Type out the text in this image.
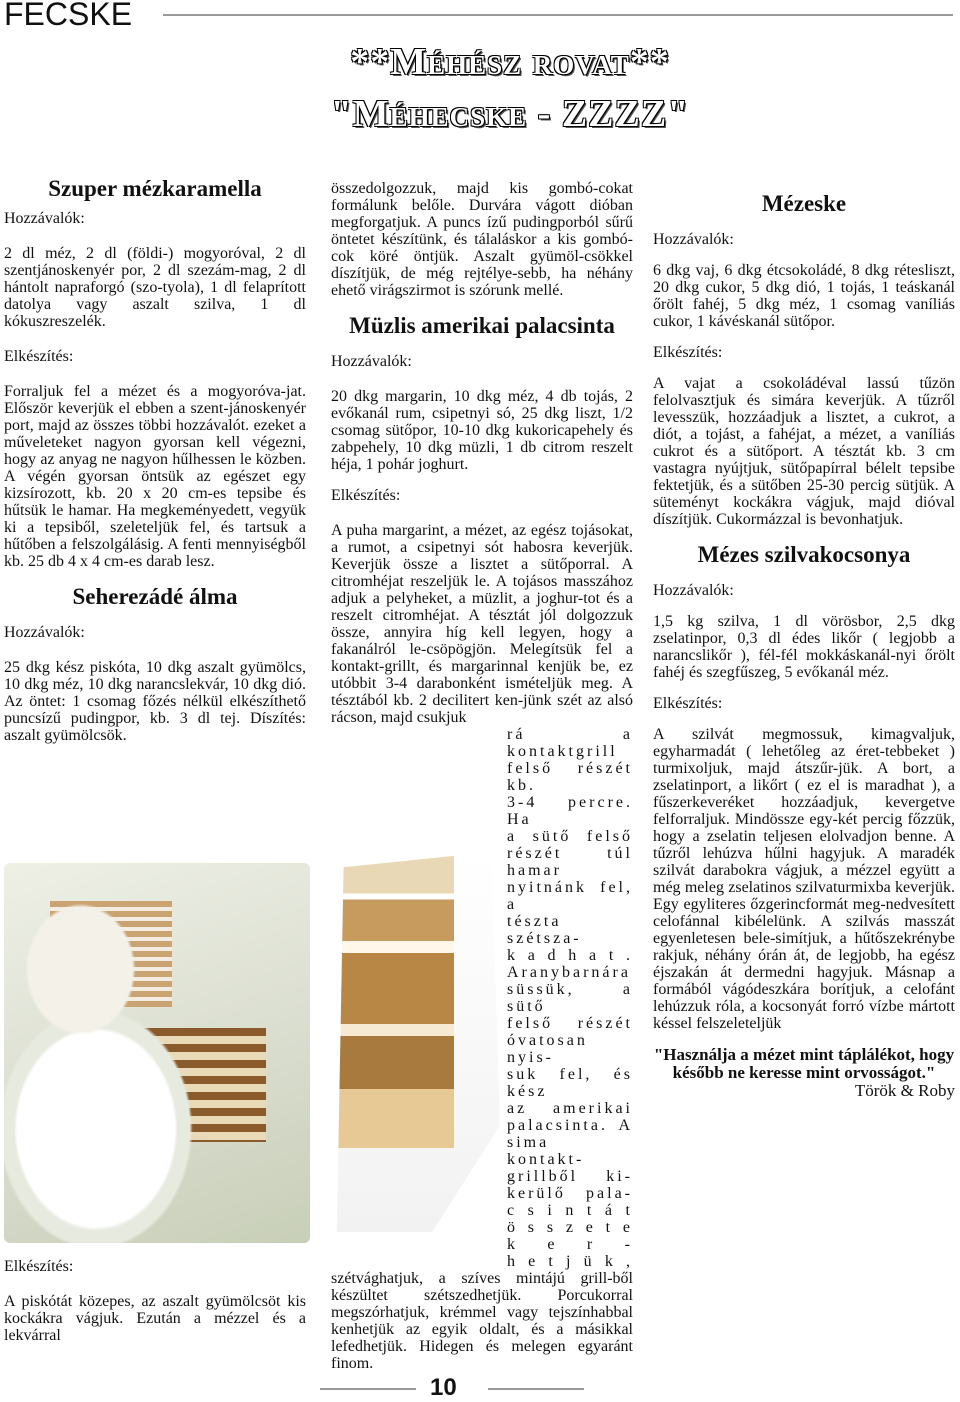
FECSKE
**Méhész rovat**
"Méhecske - ZZZZ"

Szuper mézkaramella

Hozzávalók:

2 dl méz, 2 dl (földi-) mogyoróval, 2 dl szentjánoskenyér por, 2 dl szezám-mag, 2 dl hántolt napraforgó (szo-tyola), 1 dl felaprított datolya vagy aszalt szilva, 1 dl kókuszreszelék.

Elkészítés:

Forraljuk fel a mézet és a mogyoróva-jat. Először keverjük el ebben a szent-jánoskenyér port, majd az összes többi hozzávalót. ezeket a műveleteket nagyon gyorsan kell végezni, hogy az anyag ne nagyon hűlhessen le közben. A végén gyorsan öntsük az egészet egy kizsírozott, kb. 20 x 20 cm-es tepsibe és hűtsük le hamar. Ha megkeményedett, vegyük ki a tepsiből, szeleteljük fel, és tartsuk a hűtőben a felszolgálásig. A fenti mennyiségből kb. 25 db 4 x 4 cm-es darab lesz.

Seherezádé álma

Hozzávalók:

25 dkg kész piskóta, 10 dkg aszalt gyümölcs, 10 dkg méz, 10 dkg narancslekvár, 10 dkg dió. Az öntet: 1 csomag főzés nélkül elkészíthető puncsízű pudingpor, kb. 3 dl tej. Díszítés: aszalt gyümölcsök.

Elkészítés:

A piskótát közepes, az aszalt gyümölcsöt kis kockákra vágjuk. Ezután a mézzel és a lekvárral

összedolgozzuk, majd kis gombó-cokat formálunk belőle. Durvára vágott dióban megforgatjuk. A puncs ízű pudingporból sűrű öntetet készítünk, és tálaláskor a kis gombó-cok köré öntjük. Aszalt gyümöl-csökkel díszítjük, de még rejtélye-sebb, ha néhány ehető virágszirmot is szórunk mellé.

Müzlis amerikai palacsinta

Hozzávalók:

20 dkg margarin, 10 dkg méz, 4 db tojás, 2 evőkanál rum, csipetnyi só, 25 dkg liszt, 1/2 csomag sütőpor, 10-10 dkg kukoricapehely és zabpehely, 10 dkg müzli, 1 db citrom reszelt héja, 1 pohár joghurt.

Elkészítés:

A puha margarint, a mézet, az egész tojásokat, a rumot, a csipetnyi sót habosra keverjük. Keverjük össze a lisztet a sütőporral. A citromhéjat reszeljük le. A tojásos masszához adjuk a pelyheket, a müzlit, a joghur-tot és a reszelt citromhéjat. A tésztát jól dolgozzuk össze, annyira híg kell legyen, hogy a fakanálról le-csöpögjön. Melegítsük fel a kontakt-grillt, és margarinnal kenjük be, ez utóbbit 3-4 darabonként ismételjük meg. A tésztából kb. 2 decilitert ken-jünk szét az alsó rácson, majd csukjuk

rá a kontaktgrill

felső részét kb.

3-4 percre. Ha

a sütő felső

részét túl hamar

nyitnánk fel, a

tészta szétsza-

k a d h a t .

Aranybarnára

süssük, a sütő

felső részét

óvatosan nyis-

suk fel, és kész

az amerikai

palacsinta. A

sima kontakt-

grillből ki-

kerülő pala-

c s i n t á t

ö s s z e t e k e r -

h e t j ü k ,

szétvághatjuk, a szíves mintájú grill-ből készültet szétszedhetjük. Porcukorral megszórhatjuk, krémmel vagy tejszínhabbal kenhetjük az egyik oldalt, és a másikkal lefedhetjük. Hidegen és melegen egyaránt finom.

Mézeske

Hozzávalók:

6 dkg vaj, 6 dkg étcsokoládé, 8 dkg rétesliszt, 20 dkg cukor, 5 dkg dió, 1 tojás, 1 teáskanál őrölt fahéj, 5 dkg méz, 1 csomag vaníliás cukor, 1 kávéskanál sütőpor.

Elkészítés:

A vajat a csokoládéval lassú tűzön felolvasztjuk és simára keverjük. A tűzről levesszük, hozzáadjuk a lisztet, a cukrot, a diót, a tojást, a fahéjat, a mézet, a vaníliás cukrot és a sütőport. A tésztát kb. 3 cm vastagra nyújtjuk, sütőpapírral bélelt tepsibe fektetjük, és a sütőben 25-30 percig sütjük. A süteményt kockákra vágjuk, majd dióval díszítjük. Cukormázzal is bevonhatjuk.

Mézes szilvakocsonya

Hozzávalók:

1,5 kg szilva, 1 dl vörösbor, 2,5 dkg zselatinpor, 0,3 dl édes likőr ( legjobb a narancslikőr ), fél-fél mokkáskanál-nyi őrölt fahéj és szegfűszeg, 5 evőkanál méz.

Elkészítés:

A szilvát megmossuk, kimagvaljuk, egyharmadát ( lehetőleg az éret-tebbeket ) turmixoljuk, majd átszűr-jük. A bort, a zselatinport, a likőrt ( ez el is maradhat ), a fűszerkeveréket hozzáadjuk, kevergetve felforraljuk. Mindössze egy-két percig főzzük, hogy a zselatin teljesen elolvadjon benne. A tűzről lehúzva hűlni hagyjuk. A maradék szilvát darabokra vágjuk, a mézzel együtt a még meleg zselatinos szilvaturmixba keverjük. Egy egyliteres őzgerincformát meg-nedvesített celofánnal kibélelünk. A szilvás masszát egyenletesen bele-simítjuk, a hűtőszekrénybe rakjuk, néhány órán át, de legjobb, ha egész éjszakán át dermedni hagyjuk. Másnap a formából vágódeszkára borítjuk, a celofánt lehúzzuk róla, a kocsonyát forró vízbe mártott késsel felszeleteljük

"Használja a mézet mint táplálékot, hogy később ne keresse mint orvosságot."

Török & Roby

10
